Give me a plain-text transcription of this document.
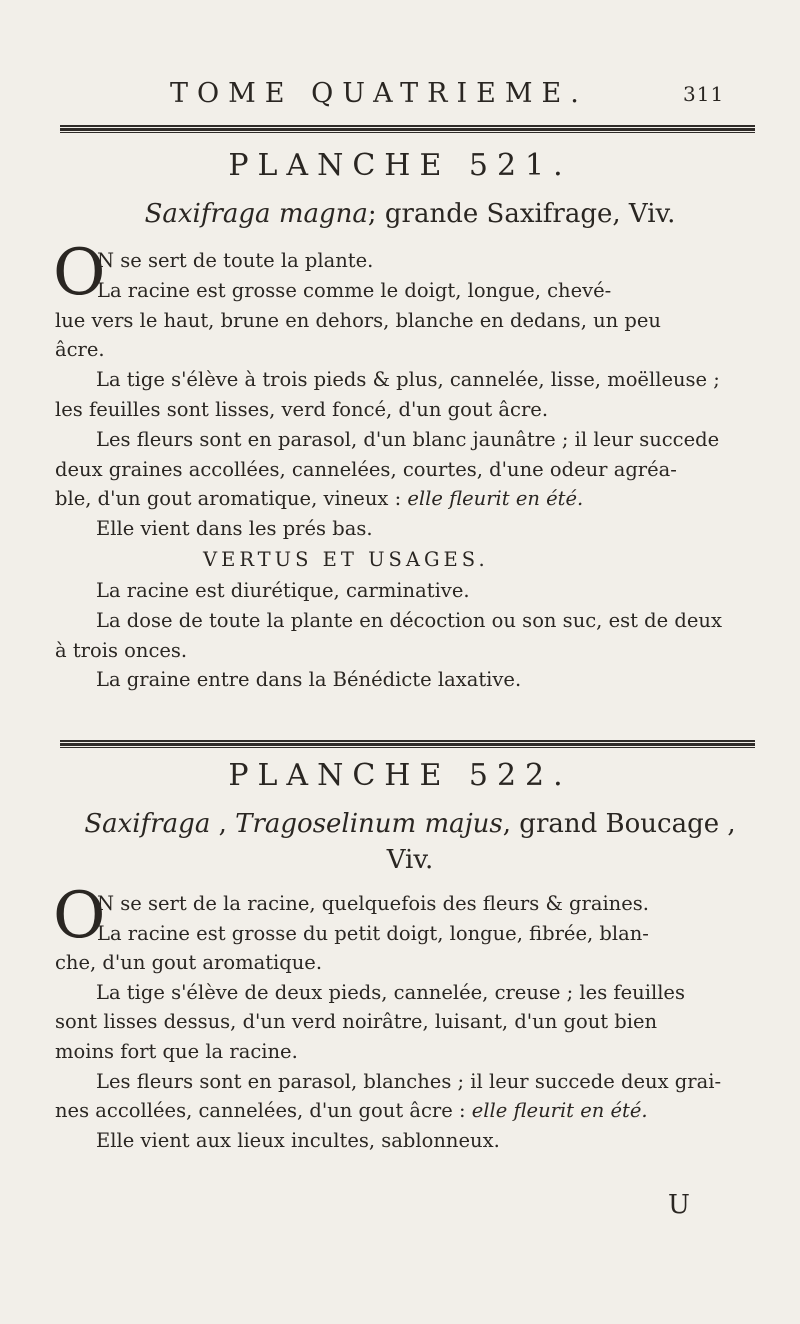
TOME QUATRIEME.	311
PLANCHE 521.
Saxifraga magna; grande Saxifrage, Viv.
O
N se sert de toute la plante.
La racine est grosse comme le doigt, longue, chevé-
lue vers le haut, brune en dehors, blanche en dedans, un peu
âcre.
La tige s'élève à trois pieds & plus, cannelée, lisse, moëlleuse ;
les feuilles sont lisses, verd foncé, d'un gout âcre.
Les fleurs sont en parasol, d'un blanc jaunâtre ; il leur succede
deux graines accollées, cannelées, courtes, d'une odeur agréa-
ble, d'un gout aromatique, vineux : elle fleurit en été.
Elle vient dans les prés bas.
VERTUS ET USAGES.
La racine est diurétique, carminative.
La dose de toute la plante en décoction ou son suc, est de deux
à trois onces.
La graine entre dans la Bénédicte laxative.
PLANCHE 522.
Saxifraga , Tragoselinum majus, grand Boucage ,
Viv.
O
N se sert de la racine, quelquefois des fleurs & graines.
La racine est grosse du petit doigt, longue, fibrée, blan-
che, d'un gout aromatique.
La tige s'élève de deux pieds, cannelée, creuse ; les feuilles
sont lisses dessus, d'un verd noirâtre, luisant, d'un gout bien
moins fort que la racine.
Les fleurs sont en parasol, blanches ; il leur succede deux grai-
nes accollées, cannelées, d'un gout âcre : elle fleurit en été.
Elle vient aux lieux incultes, sablonneux.
U
